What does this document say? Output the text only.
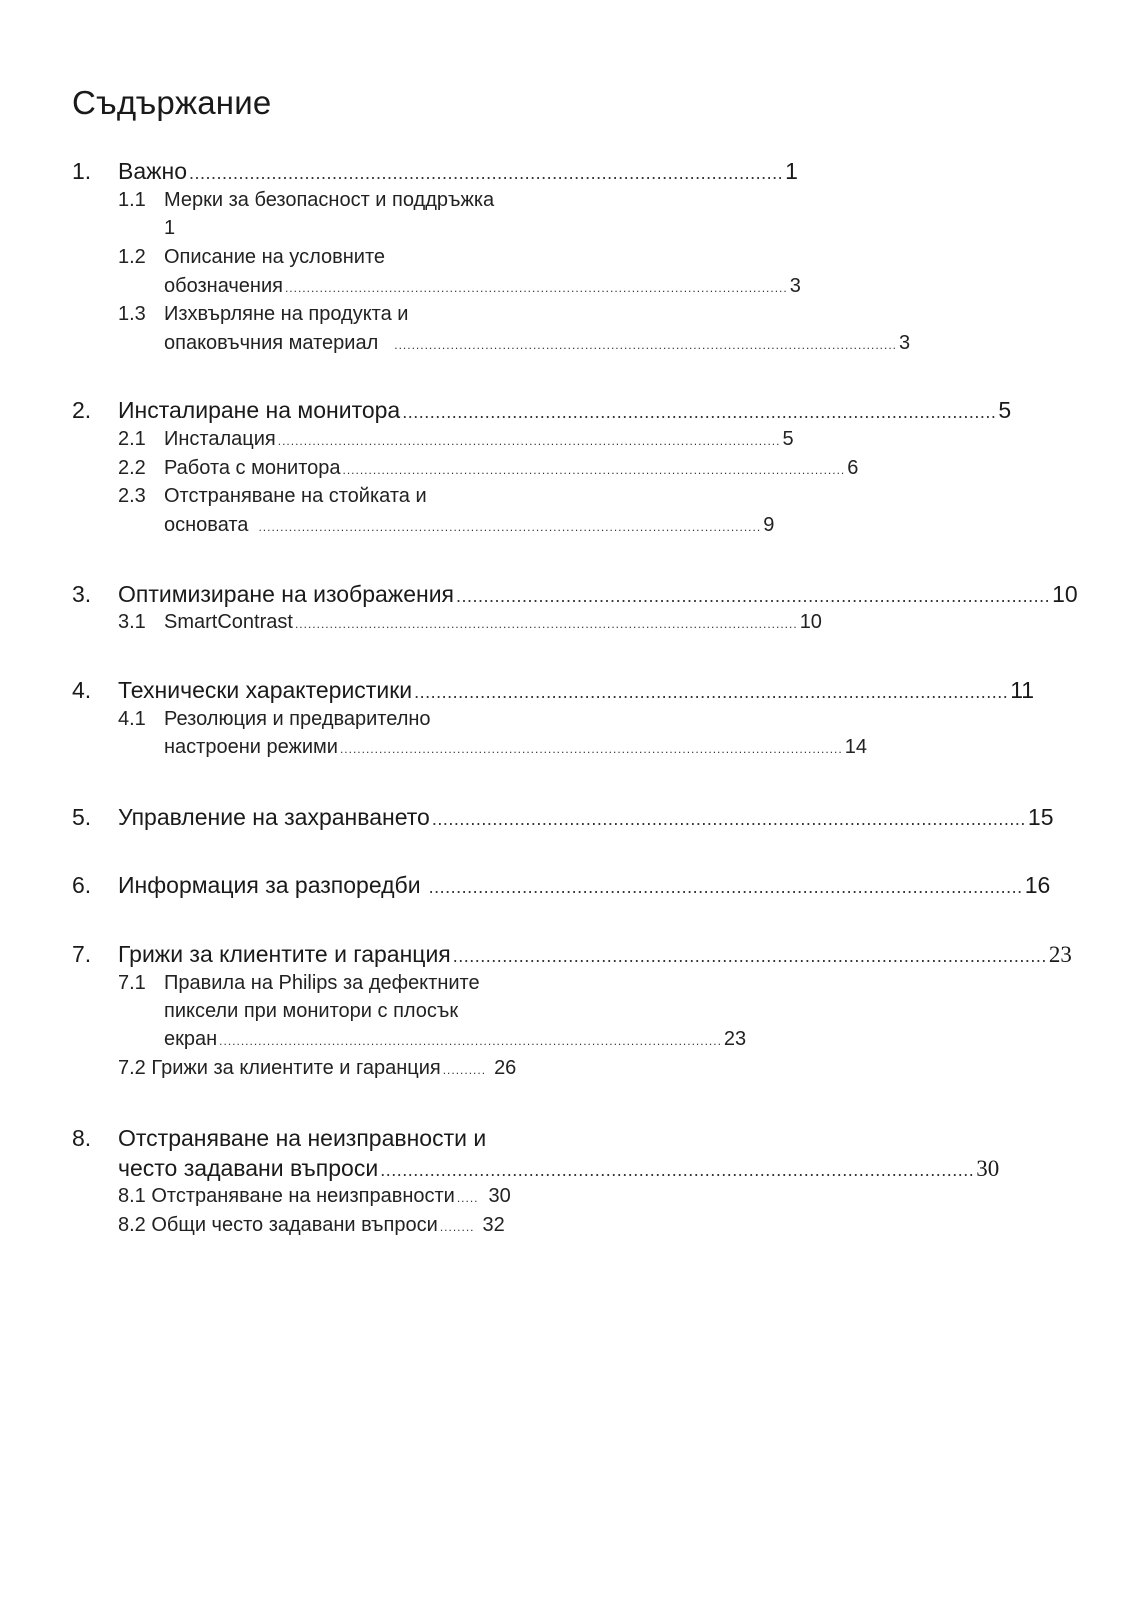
Съдържание
1.	Важно ............................................................................................................ 1
1.1 Мерки за безопасност и поддръжка
1
1.2 Описание на условните
обозначения .................................................................................................................... 3
1.3 Изхвърляне на продукта и
опаковъчния материал .................................................................................................................... 3
2.	Инсталиране на монитора ............................................................................................................ 5
2.1 Инсталация .................................................................................................................... 5
2.2 Работа с монитора .................................................................................................................... 6
2.3 Отстраняване на стойката и
основата .................................................................................................................... 9
3.	Оптимизиране на изображения ............................................................................................................ 10
3.1 SmartContrast .................................................................................................................... 10
4.	Технически характеристики ............................................................................................................ 11
4.1 Резолюция и предварително
настроени режими .................................................................................................................... 14
5.	Управление на захранването ............................................................................................................ 15
6.	Информация за разпоредби ............................................................................................................ 16
7.	Грижи за клиентите и гаранция ............................................................................................................ 23
7.1 Правила на Philips за дефектните
пиксели при монитори с плосък
екран .................................................................................................................... 23
7.2 Грижи за клиентите и гаранция .......... 26
8.	Отстраняване на неизправности и
често задавани въпроси ............................................................................................................ 30
8.1 Отстраняване на неизправности ..... 30
8.2 Общи често задавани въпроси ........ 32
